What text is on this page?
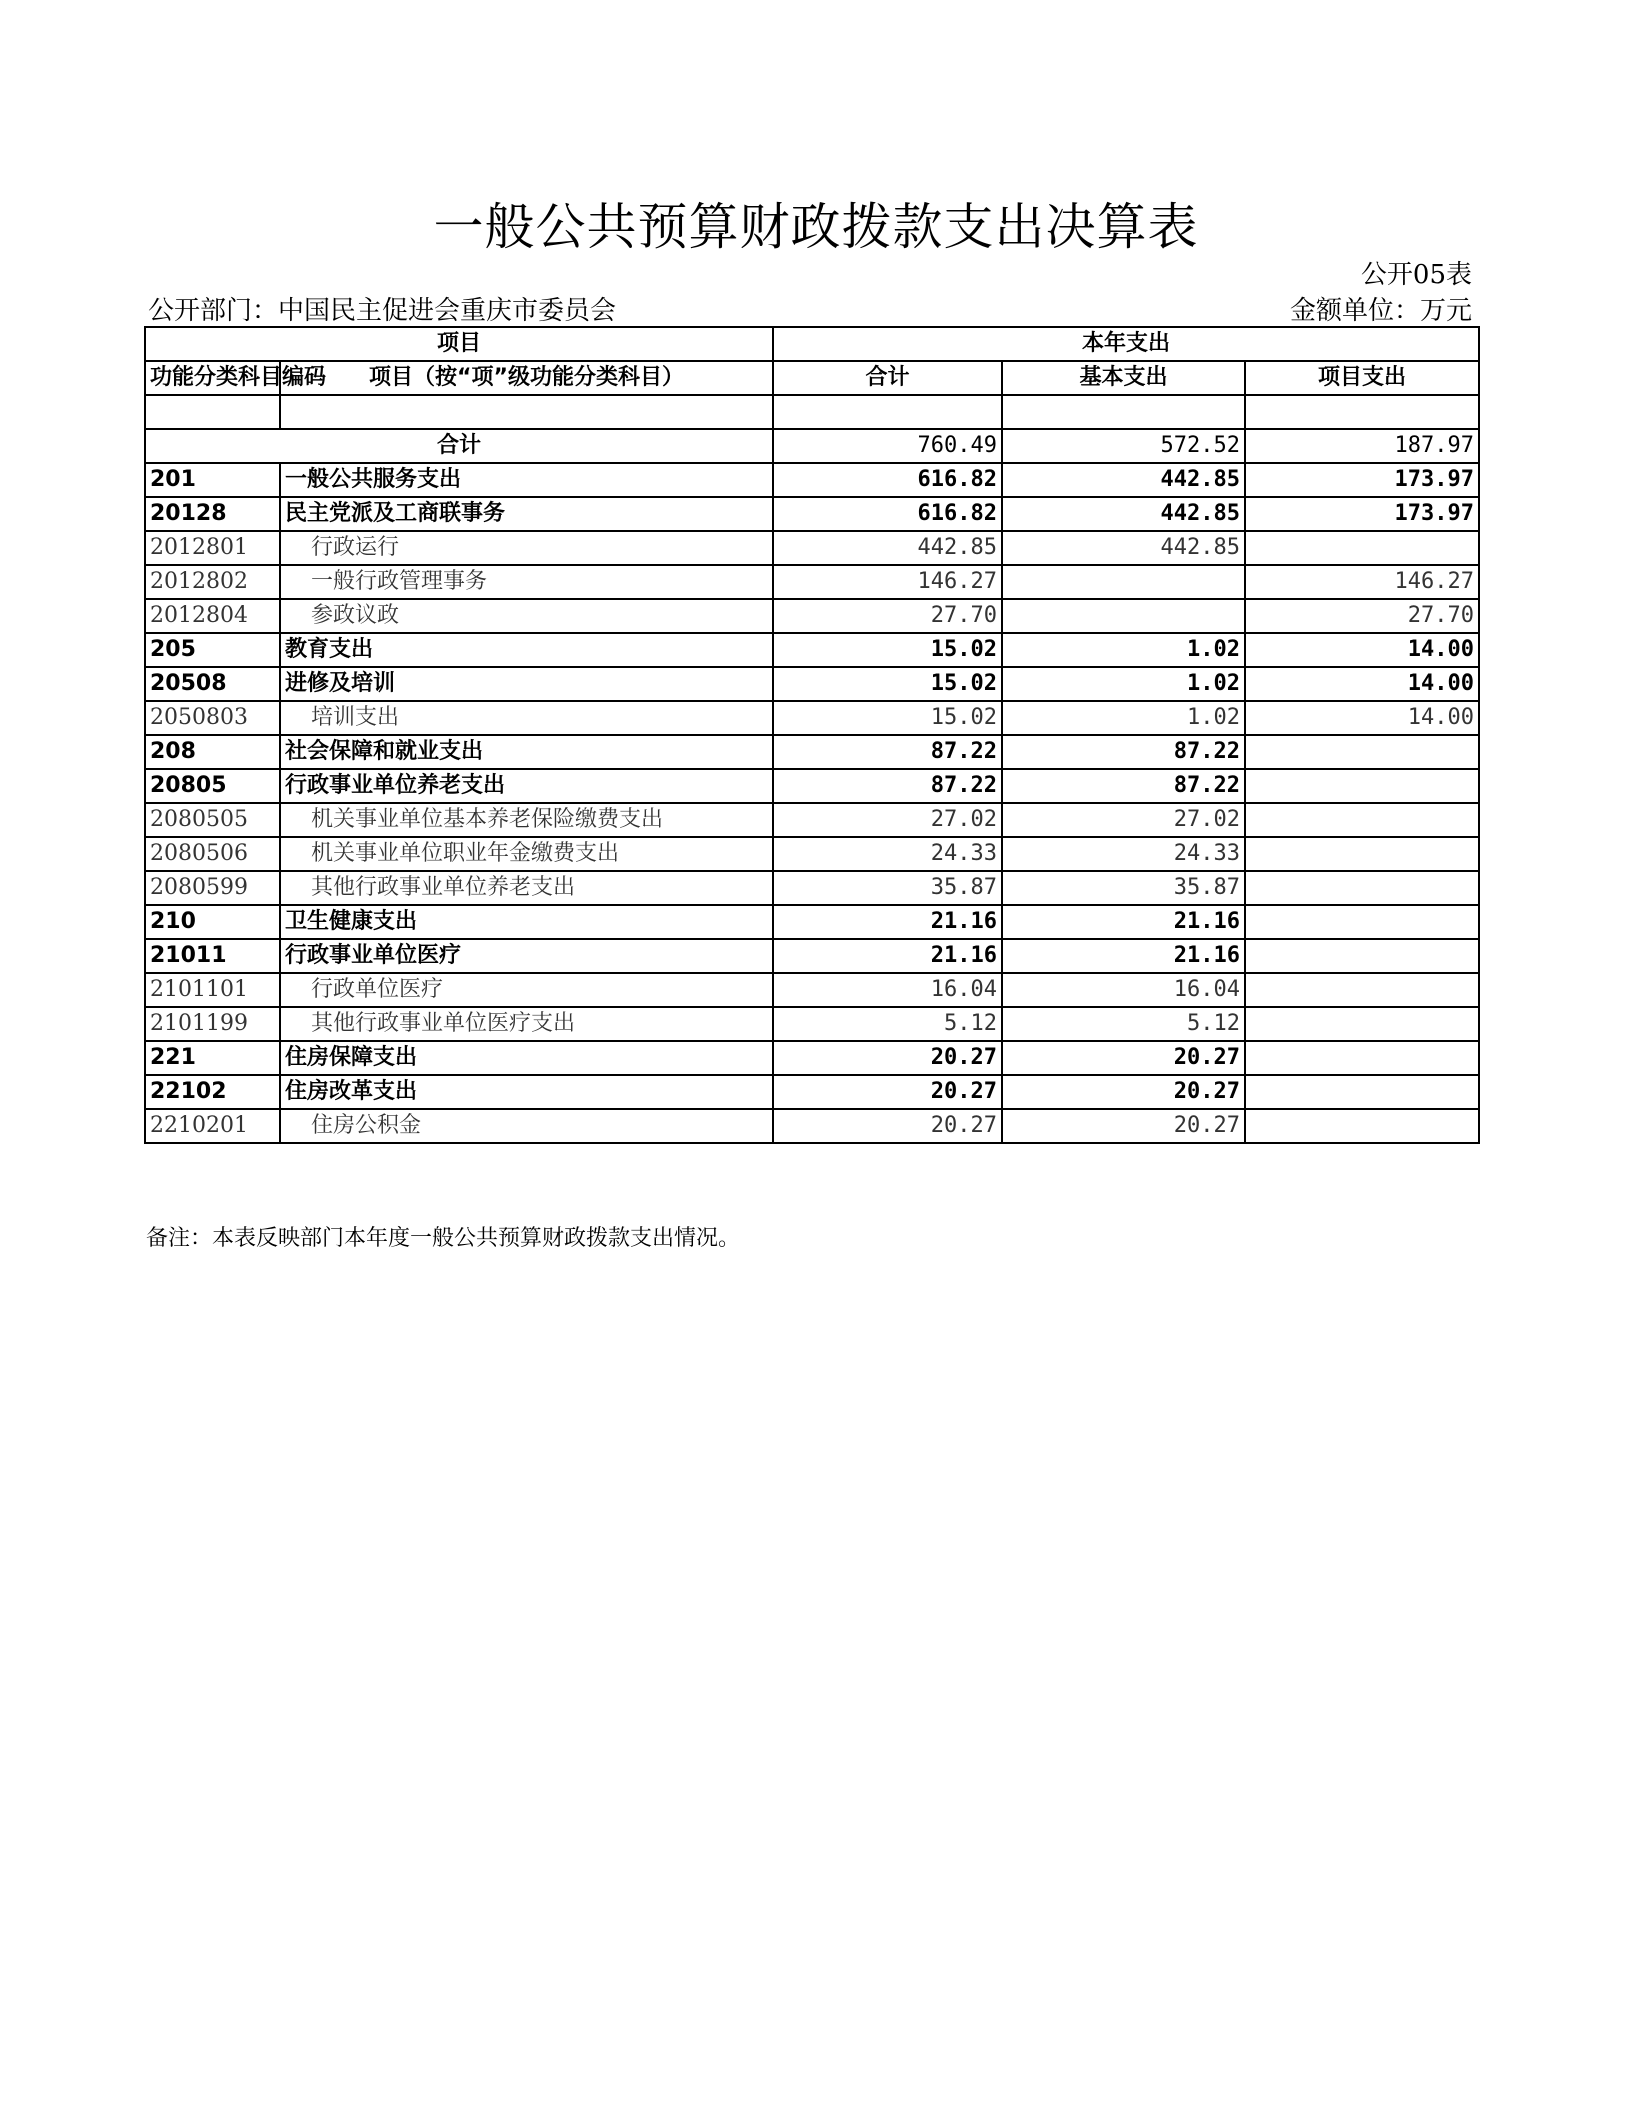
一般公共预算财政拨款支出决算表
公开05表
公开部门：中国民主促进会重庆市委员会	金额单位：万元
项目		本年支出		
功能分类科目编码	项目（按“项”级功能分类科目）	合计	基本支出	项目支出

合计		760.49	572.52	187.97
201	一般公共服务支出	616.82	442.85	173.97
20128	民主党派及工商联事务	616.82	442.85	173.97
2012801	行政运行	442.85	442.85	
2012802	一般行政管理事务	146.27		146.27
2012804	参政议政	27.70		27.70
205	教育支出	15.02	1.02	14.00
20508	进修及培训	15.02	1.02	14.00
2050803	培训支出	15.02	1.02	14.00
208	社会保障和就业支出	87.22	87.22	
20805	行政事业单位养老支出	87.22	87.22	
2080505	机关事业单位基本养老保险缴费支出	27.02	27.02	
2080506	机关事业单位职业年金缴费支出	24.33	24.33	
2080599	其他行政事业单位养老支出	35.87	35.87	
210	卫生健康支出	21.16	21.16	
21011	行政事业单位医疗	21.16	21.16	
2101101	行政单位医疗	16.04	16.04	
2101199	其他行政事业单位医疗支出	5.12	5.12	
221	住房保障支出	20.27	20.27	
22102	住房改革支出	20.27	20.27	
2210201	住房公积金	20.27	20.27	
备注：本表反映部门本年度一般公共预算财政拨款支出情况。
